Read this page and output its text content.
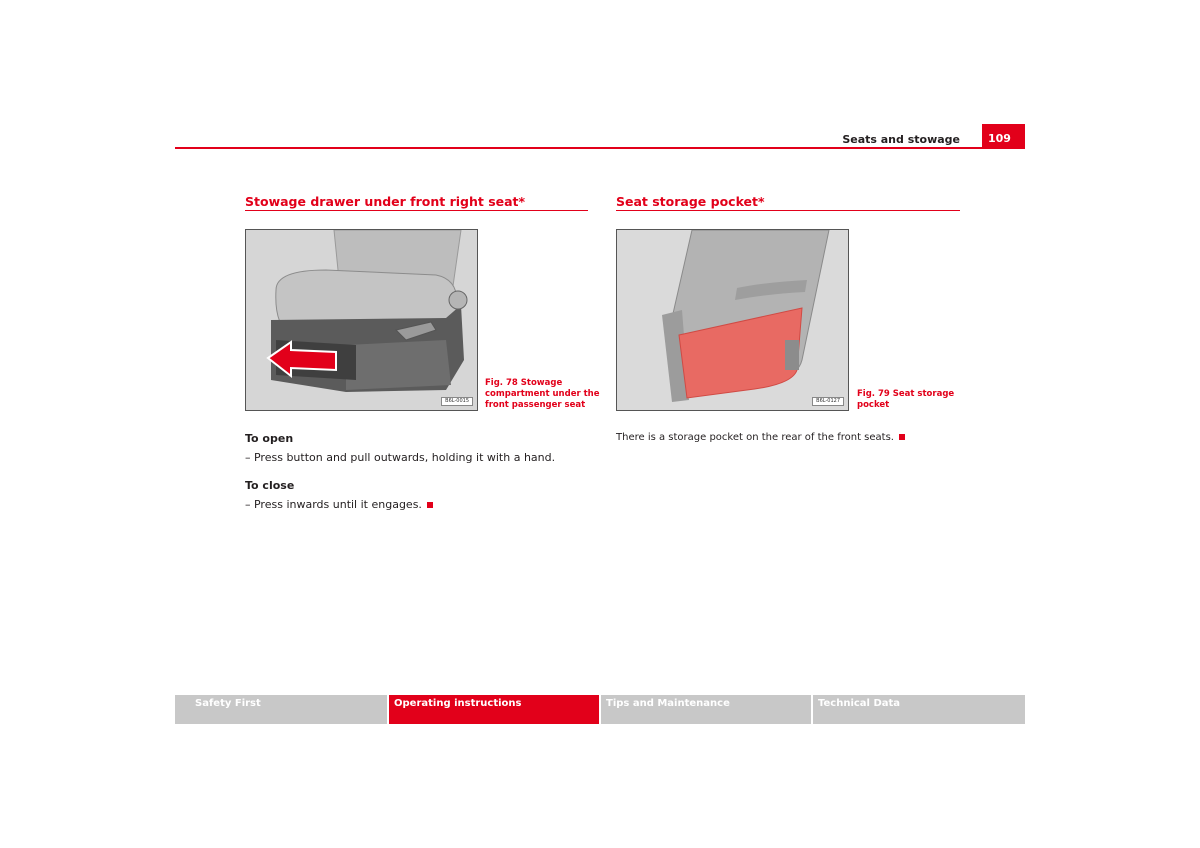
Seats and stowage	109
Stowage drawer under front right seat*
B6L-0015
Fig. 78 Stowage
compartment under the
front passenger seat
To open
– Press button and pull outwards, holding it with a hand.
To close
– Press inwards until it engages.
Seat storage pocket*
B6L-0127
Fig. 79 Seat storage
pocket
There is a storage pocket on the rear of the front seats.
Safety First	Operating instructions	Tips and Maintenance	Technical Data
